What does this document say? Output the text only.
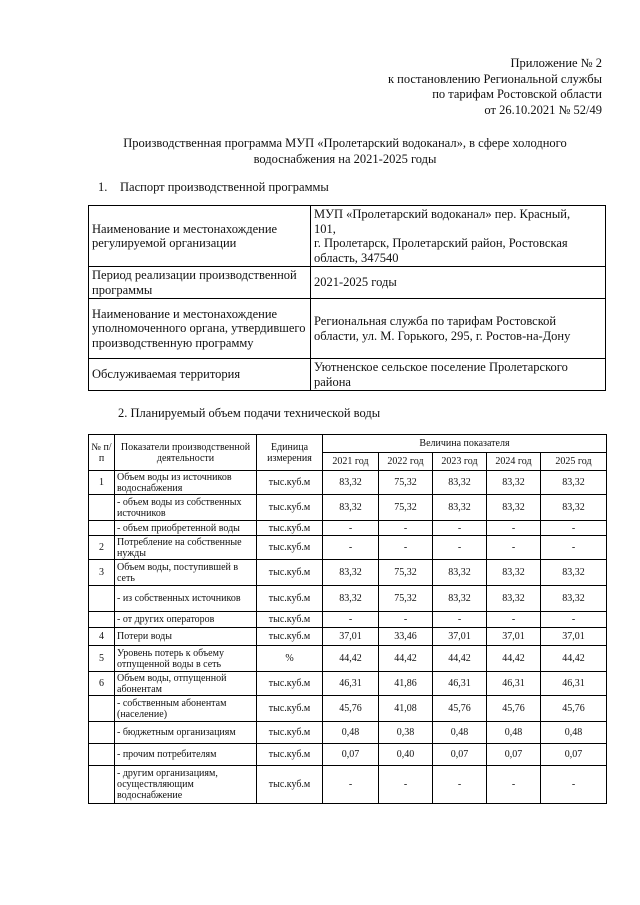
Приложение № 2
к постановлению Региональной службы
по тарифам Ростовской области
от 26.10.2021 № 52/49
Производственная программа МУП «Пролетарский водоканал», в сфере холодного
водоснабжения на 2021-2025 годы
1. Паспорт производственной программы
Наименование и местонахождение регулируемой организации	МУП «Пролетарский водоканал» пер. Красный,
101,
г. Пролетарск, Пролетарский район, Ростовская
область, 347540

Период реализации производственной программы	2021-2025 годы

Наименование и местонахождение уполномоченного органа, утвердившего производственную программу	Региональная служба по тарифам Ростовской
области, ул. М. Горького, 295, г. Ростов-на-Дону

Обслуживаемая территория	Уютненское сельское поселение Пролетарского
района
2. Планируемый объем подачи технической воды
№ п/п	Показатели производственной деятельности	Единица измерения	Величина показателя				
			2021 год	2022 год	2023 год	2024 год	2025 год
1	Объем воды из источников водоснабжения	тыс.куб.м	83,32	75,32	83,32	83,32	83,32
	- объем воды из собственных источников	тыс.куб.м	83,32	75,32	83,32	83,32	83,32
	- объем приобретенной воды	тыс.куб.м	-	-	-	-	-
2	Потребление на собственные нужды	тыс.куб.м	-	-	-	-	-
3	Объем воды, поступившей в сеть	тыс.куб.м	83,32	75,32	83,32	83,32	83,32
	- из собственных источников	тыс.куб.м	83,32	75,32	83,32	83,32	83,32
	- от других операторов	тыс.куб.м	-	-	-	-	-
4	Потери воды	тыс.куб.м	37,01	33,46	37,01	37,01	37,01
5	Уровень потерь к объему отпущенной воды в сеть	%	44,42	44,42	44,42	44,42	44,42
6	Объем воды, отпущенной абонентам	тыс.куб.м	46,31	41,86	46,31	46,31	46,31
	- собственным абонентам (население)	тыс.куб.м	45,76	41,08	45,76	45,76	45,76
	- бюджетным организациям	тыс.куб.м	0,48	0,38	0,48	0,48	0,48
	- прочим потребителям	тыс.куб.м	0,07	0,40	0,07	0,07	0,07
	- другим организациям, осуществляющим водоснабжение	тыс.куб.м	-	-	-	-	-
